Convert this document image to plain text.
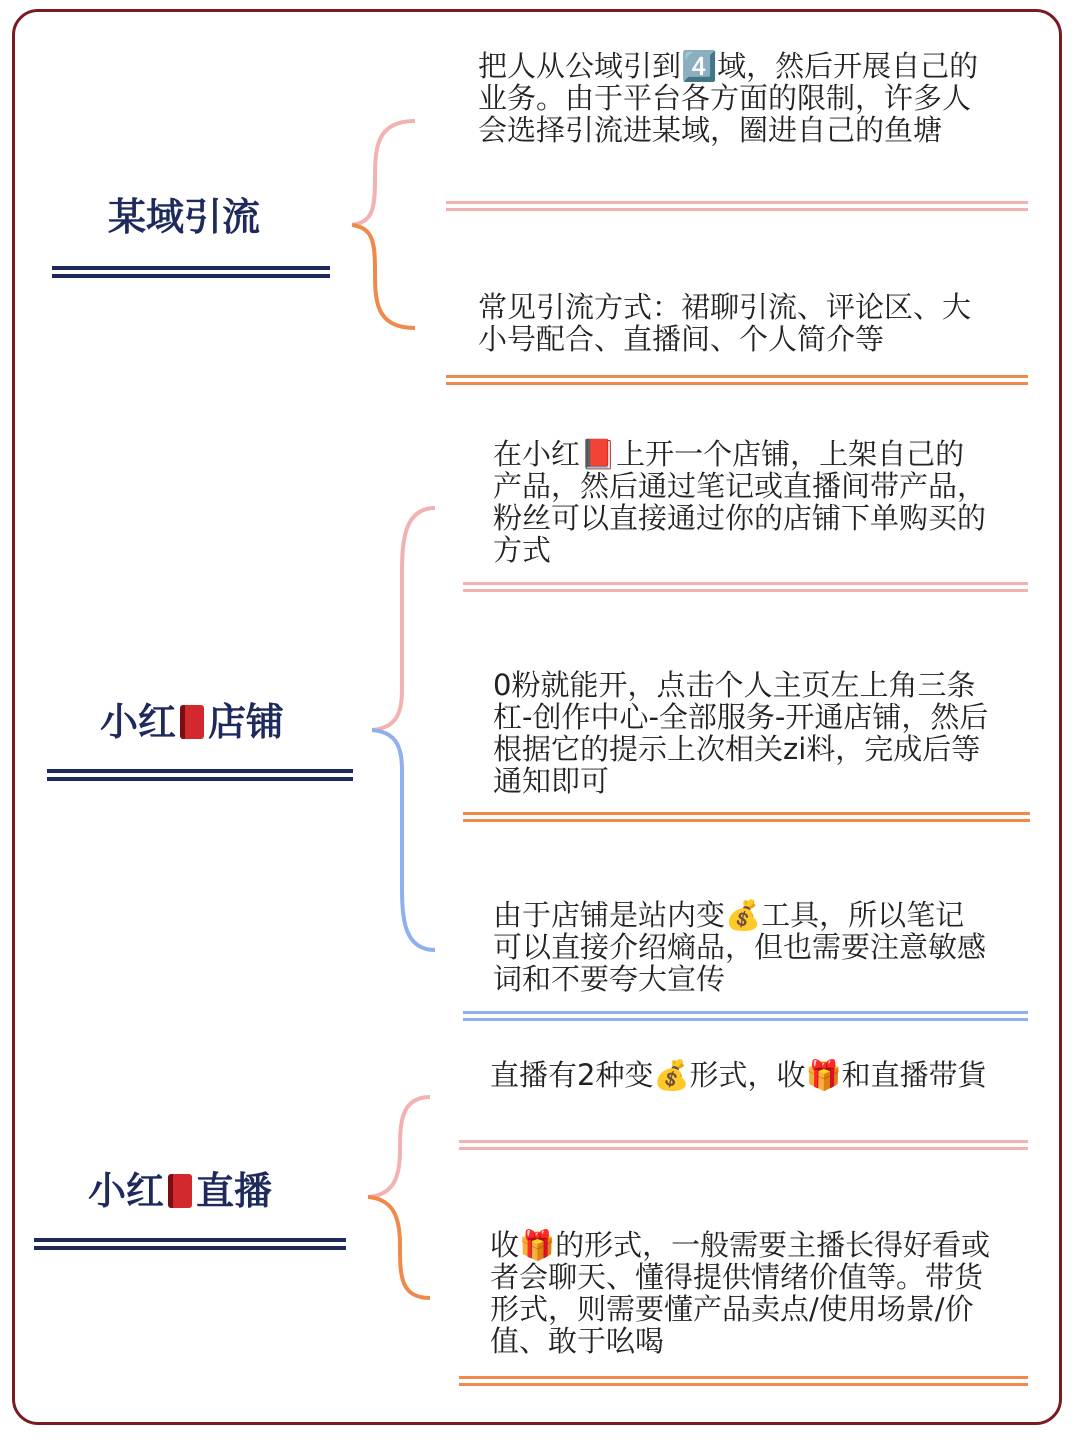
某域引流
把人从公域引到4️⃣域，然后开展自己的业务。由于平台各方面的限制，许多人会选择引流进某域，圈进自己的鱼塘
常见引流方式：裙聊引流、评论区、大小号配合、直播间、个人简介等
小红 店铺
在小红📕上开一个店铺，上架自己的产品，然后通过笔记或直播间带产品，粉丝可以直接通过你的店铺下单购买的方式
0粉就能开，点击个人主页左上角三条杠-创作中心-全部服务-开通店铺，然后根据它的提示上次相关zi料，完成后等通知即可
由于店铺是站内变💰工具，所以笔记可以直接介绍熵品，但也需要注意敏感词和不要夸大宣传
小红 直播
直播有2种变💰形式，收🎁和直播带貨
收🎁的形式，一般需要主播长得好看或者会聊天、懂得提供情绪价值等。带货形式，则需要懂产品卖点/使用场景/价值、敢于吆喝
